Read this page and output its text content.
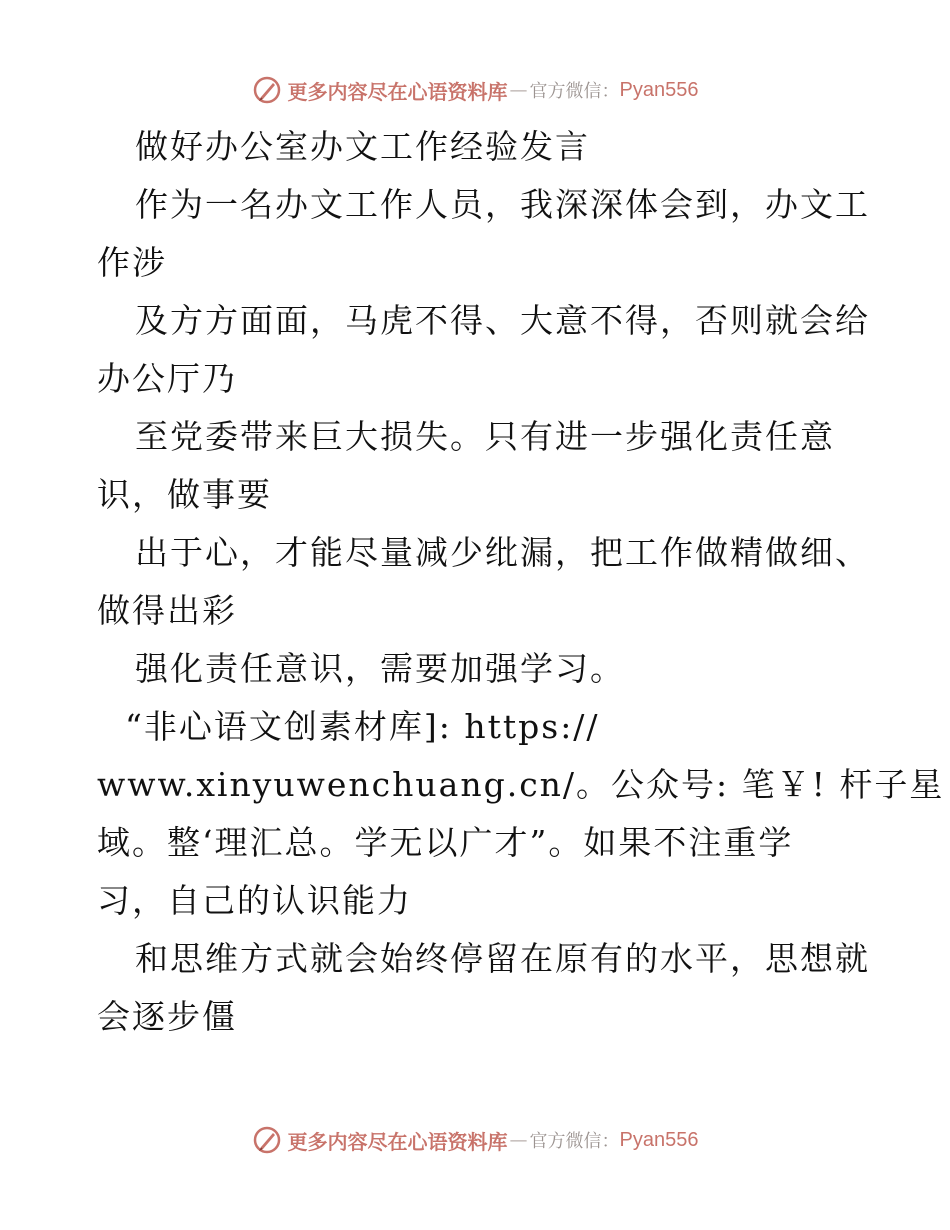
更多内容尽在心语资料库 — 官方微信： Pyan556
做好办公室办文工作经验发言
作为一名办文工作人员，我深深体会到，办文工
作涉
及方方面面，马虎不得、大意不得，否则就会给
办公厅乃
至党委带来巨大损失。只有进一步强化责任意
识，做事要
出于心，才能尽量减少纰漏，把工作做精做细、
做得出彩
强化责任意识，需要加强学习。
“非心语文创素材库]: https://
www.xinyuwenchuang.cn/。公众号: 笔￥! 杆子星
域。整‘理汇总。学无以广才”。如果不注重学
习，自己的认识能力
和思维方式就会始终停留在原有的水平，思想就
会逐步僵
更多内容尽在心语资料库 — 官方微信： Pyan556
